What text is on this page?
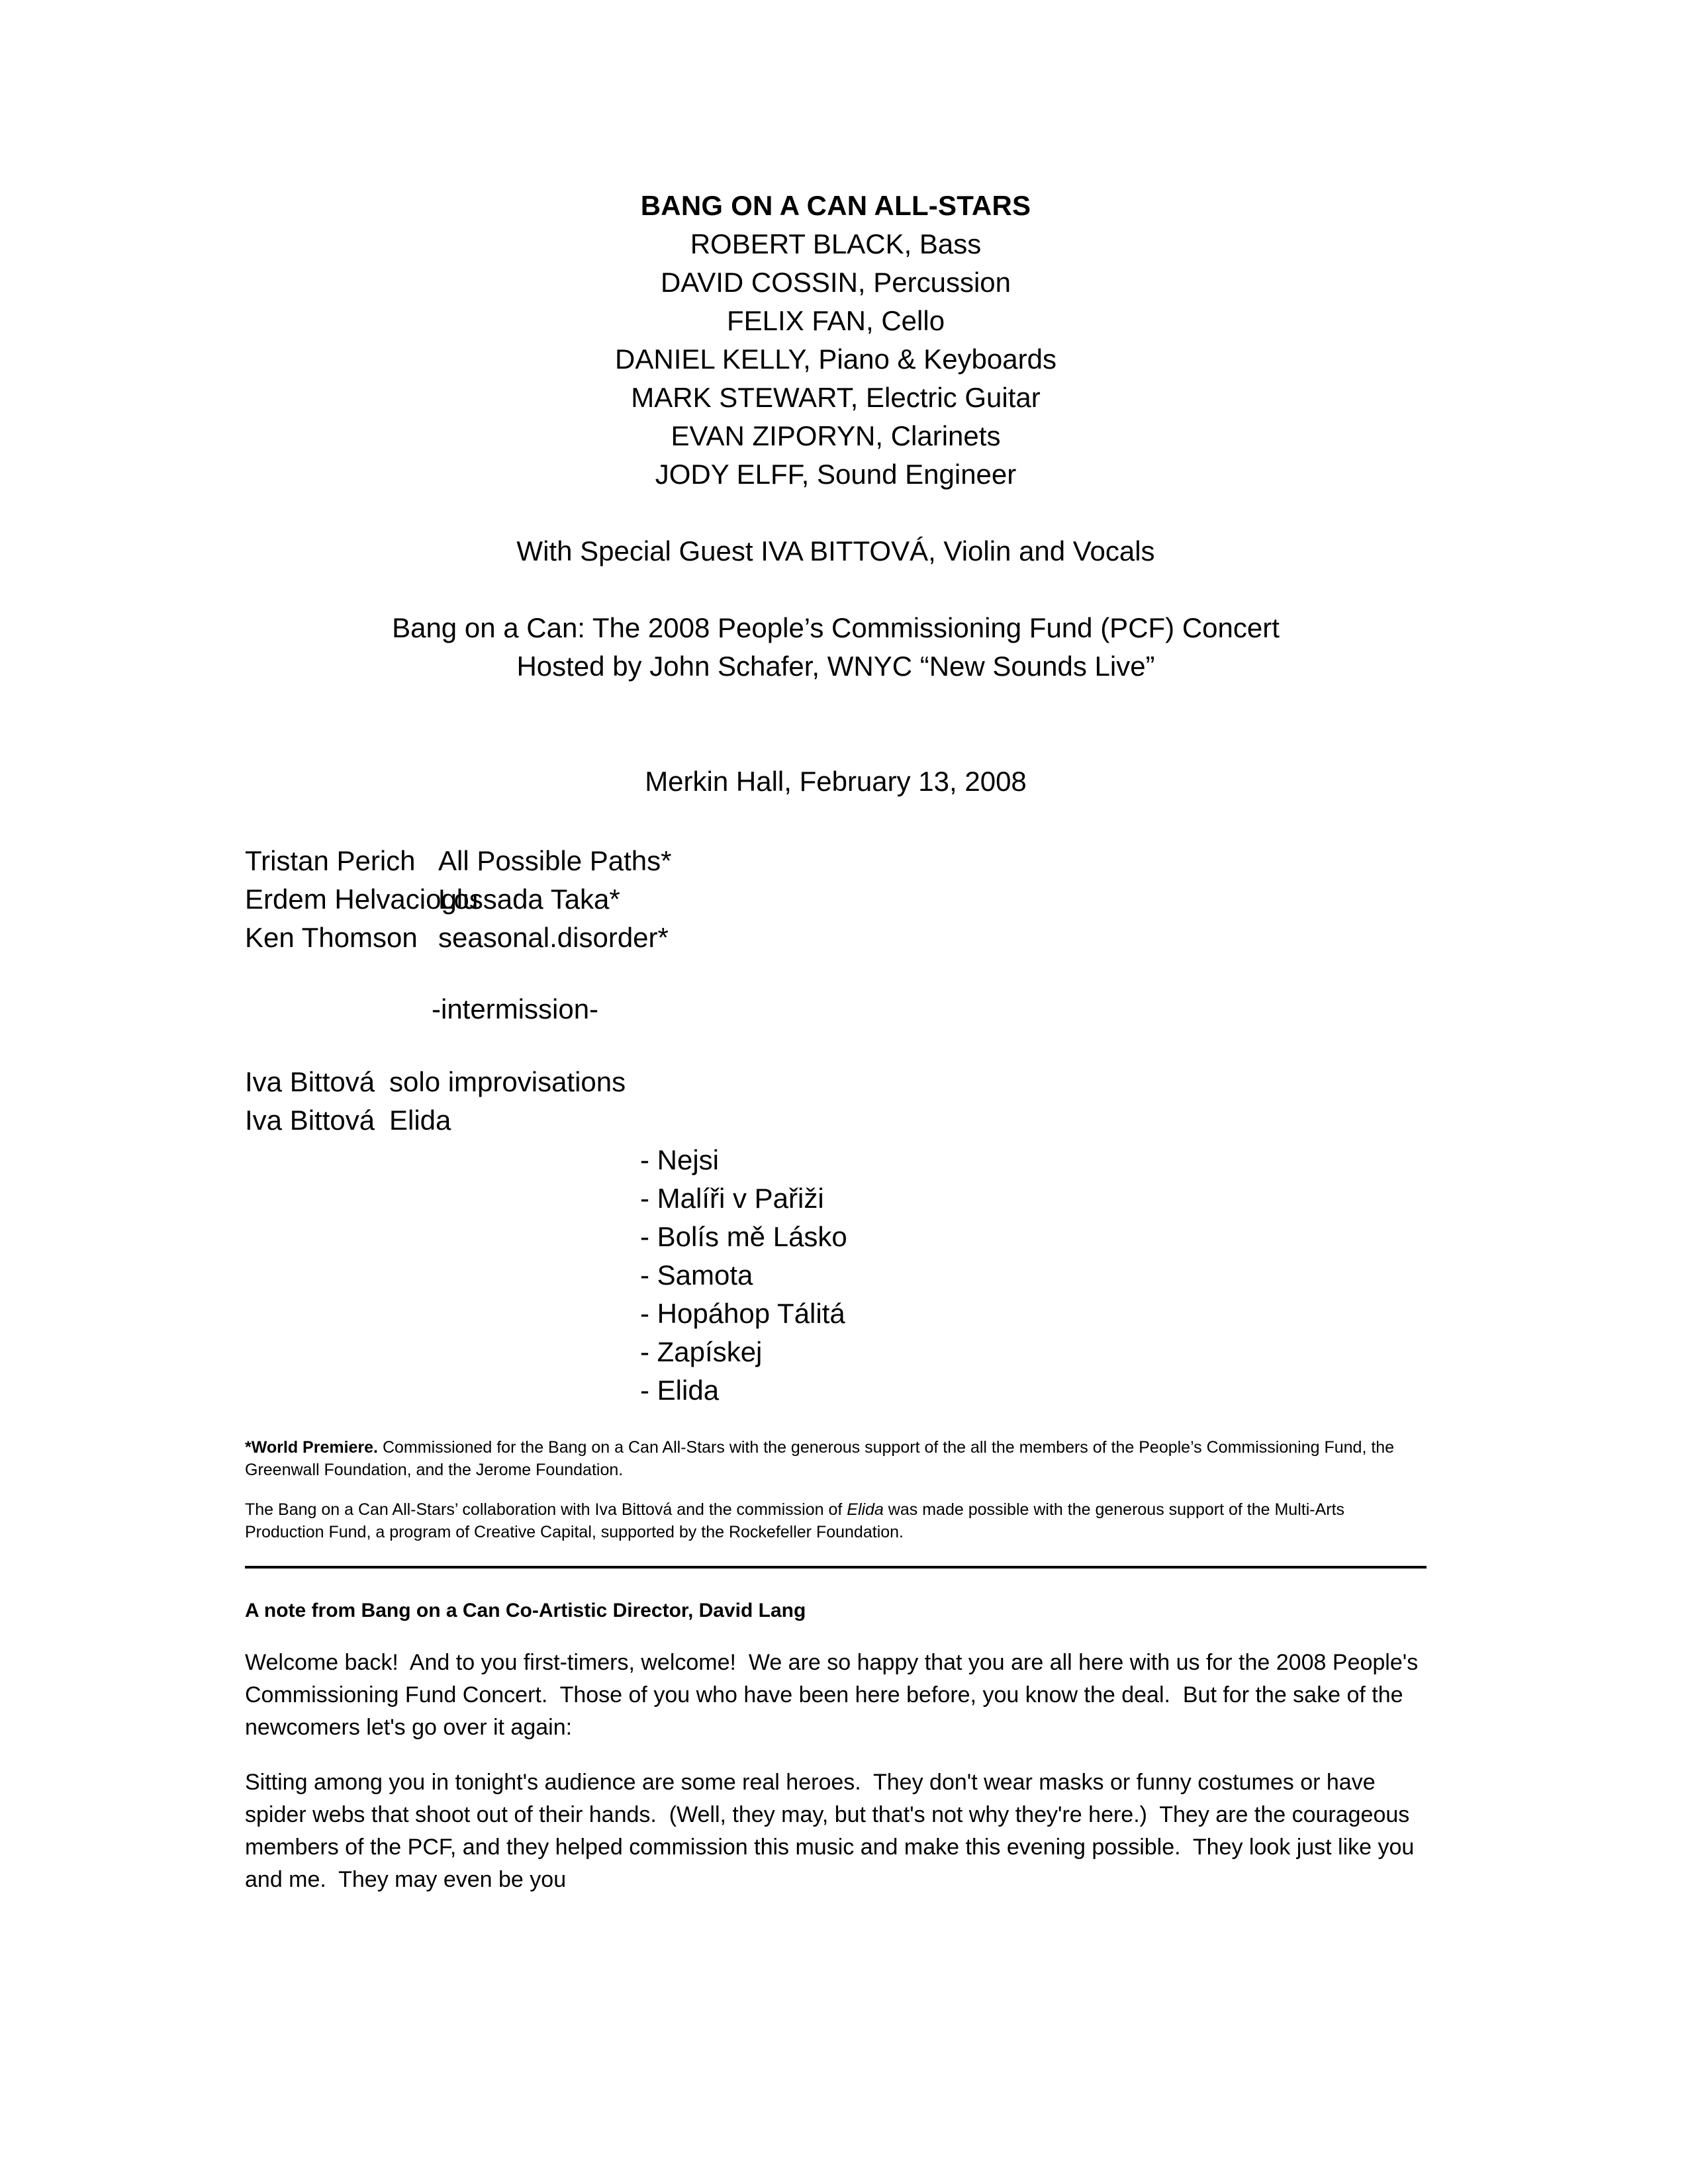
BANG ON A CAN ALL-STARS
ROBERT BLACK, Bass
DAVID COSSIN, Percussion
FELIX FAN, Cello
DANIEL KELLY, Piano & Keyboards
MARK STEWART, Electric Guitar
EVAN ZIPORYN, Clarinets
JODY ELFF, Sound Engineer
With Special Guest IVA BITTOVÁ, Violin and Vocals
Bang on a Can: The 2008 People’s Commissioning Fund (PCF) Concert
Hosted by John Schafer, WNYC “New Sounds Live”
Merkin Hall, February 13, 2008
Tristan Perich All Possible Paths*
Erdem Helvacioglu
Lossada Taka*
Ken Thomson seasonal.disorder*
-intermission-
Iva Bittová solo improvisations
Iva Bittová Elida
- Nejsi
- Malíři v Pařiži
- Bolís mě Lásko
- Samota
- Hopáhop Tálitá
- Zapískej
- Elida
*World Premiere. Commissioned for the Bang on a Can All-Stars with the generous support of the all the members of the People’s Commissioning Fund, the Greenwall Foundation, and the Jerome Foundation.
The Bang on a Can All-Stars’ collaboration with Iva Bittová and the commission of Elida was made possible with the generous support of the Multi-Arts Production Fund, a program of Creative Capital, supported by the Rockefeller Foundation.
A note from Bang on a Can Co-Artistic Director, David Lang
Welcome back!  And to you first-timers, welcome!  We are so happy that you are all here with us for the 2008 People's Commissioning Fund Concert.  Those of you who have been here before, you know the deal.  But for the sake of the newcomers let's go over it again:
Sitting among you in tonight's audience are some real heroes.  They don't wear masks or funny costumes or have spider webs that shoot out of their hands.  (Well, they may, but that's not why they're here.)  They are the courageous members of the PCF, and they helped commission this music and make this evening possible.  They look just like you and me.  They may even be you
